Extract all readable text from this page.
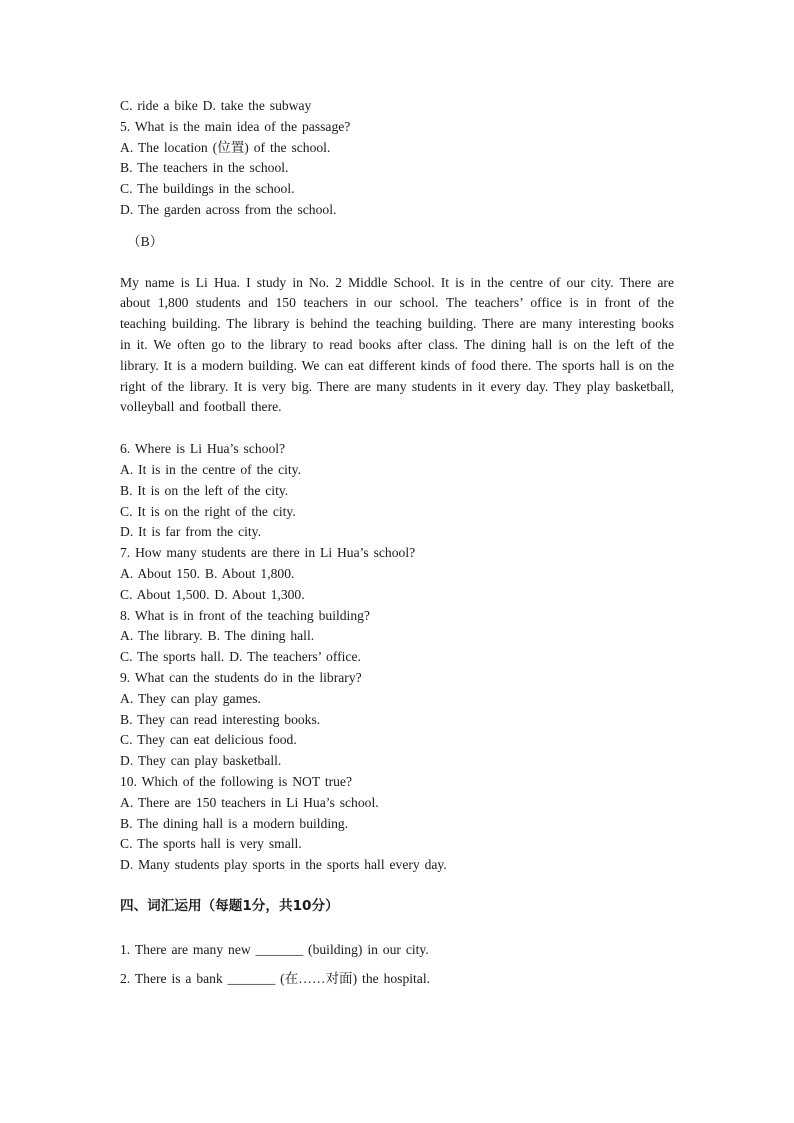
C. ride a bike D. take the subway
5. What is the main idea of the passage?
A. The location (位置) of the school.
B. The teachers in the school.
C. The buildings in the school.
D. The garden across from the school.
（B）
My name is Li Hua. I study in No. 2 Middle School. It is in the centre of our city. There are about 1,800 students and 150 teachers in our school. The teachers’ office is in front of the teaching building. The library is behind the teaching building. There are many interesting books in it. We often go to the library to read books after class. The dining hall is on the left of the library. It is a modern building. We can eat different kinds of food there. The sports hall is on the right of the library. It is very big. There are many students in it every day. They play basketball, volleyball and football there.
6. Where is Li Hua’s school?
A. It is in the centre of the city.
B. It is on the left of the city.
C. It is on the right of the city.
D. It is far from the city.
7. How many students are there in Li Hua’s school?
A. About 150. B. About 1,800.
C. About 1,500. D. About 1,300.
8. What is in front of the teaching building?
A. The library. B. The dining hall.
C. The sports hall. D. The teachers’ office.
9. What can the students do in the library?
A. They can play games.
B. They can read interesting books.
C. They can eat delicious food.
D. They can play basketball.
10. Which of the following is NOT true?
A. There are 150 teachers in Li Hua’s school.
B. The dining hall is a modern building.
C. The sports hall is very small.
D. Many students play sports in the sports hall every day.
四、词汇运用（每题1分，共10分）
1. There are many new _______ (building) in our city.
2. There is a bank _______ (在……对面) the hospital.
